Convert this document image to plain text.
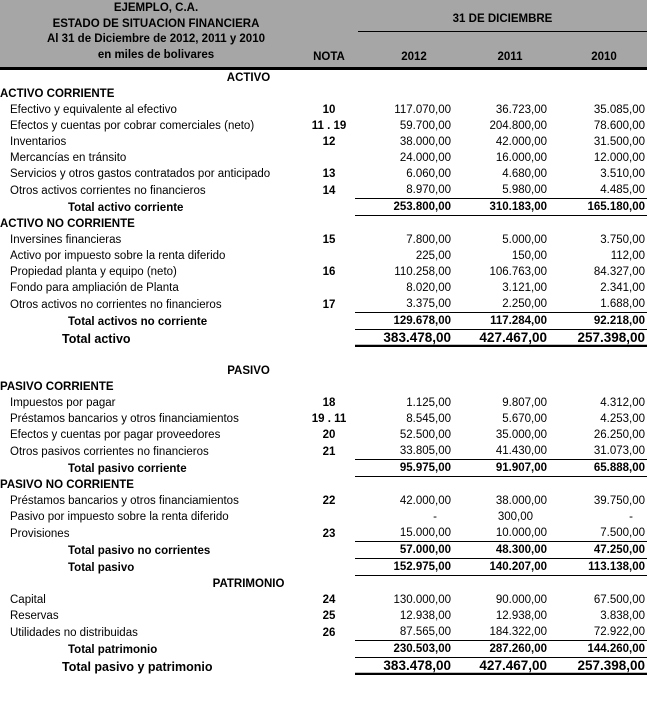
EJEMPLO, C.A.
ESTADO DE SITUACION FINANCIERA
Al 31 de Diciembre de 2012, 2011 y 2010
en miles de bolivares
31 DE DICIEMBRE
NOTA	2012	2011	2010
ACTIVO				
ACTIVO CORRIENTE				
Efectivo y equivalente al efectivo	10	117.070,00	36.723,00	35.085,00
Efectos y cuentas por cobrar comerciales (neto)	11 . 19	59.700,00	204.800,00	78.600,00
Inventarios	12	38.000,00	42.000,00	31.500,00
Mercancías en tránsito		24.000,00	16.000,00	12.000,00
Servicios y otros gastos contratados por anticipado	13	6.060,00	4.680,00	3.510,00
Otros activos corrientes no financieros	14	8.970,00	5.980,00	4.485,00
Total activo corriente		253.800,00	310.183,00	165.180,00
ACTIVO NO CORRIENTE				
Inversines financieras	15	7.800,00	5.000,00	3.750,00
Activo por impuesto sobre la renta diferido		225,00	150,00	112,00
Propiedad planta y equipo (neto)	16	110.258,00	106.763,00	84.327,00
Fondo para ampliación de Planta		8.020,00	3.121,00	2.341,00
Otros activos no corrientes no financieros	17	3.375,00	2.250,00	1.688,00
Total activos no corriente		129.678,00	117.284,00	92.218,00
Total activo		383.478,00	427.467,00	257.398,00

PASIVO				
PASIVO CORRIENTE				
Impuestos por pagar	18	1.125,00	9.807,00	4.312,00
Préstamos bancarios y otros financiamientos	19 . 11	8.545,00	5.670,00	4.253,00
Efectos y cuentas por pagar proveedores	20	52.500,00	35.000,00	26.250,00
Otros pasivos corrientes no financieros	21	33.805,00	41.430,00	31.073,00
Total pasivo corriente		95.975,00	91.907,00	65.888,00
PASIVO NO CORRIENTE				
Préstamos bancarios y otros financiamientos	22	42.000,00	38.000,00	39.750,00
Pasivo por impuesto sobre la renta diferido		-	300,00	-
Provisiones	23	15.000,00	10.000,00	7.500,00
Total pasivo no corrientes		57.000,00	48.300,00	47.250,00
Total pasivo		152.975,00	140.207,00	113.138,00
PATRIMONIO				
Capital	24	130.000,00	90.000,00	67.500,00
Reservas	25	12.938,00	12.938,00	3.838,00
Utilidades no distribuidas	26	87.565,00	184.322,00	72.922,00
Total patrimonio		230.503,00	287.260,00	144.260,00
Total pasivo y patrimonio		383.478,00	427.467,00	257.398,00
